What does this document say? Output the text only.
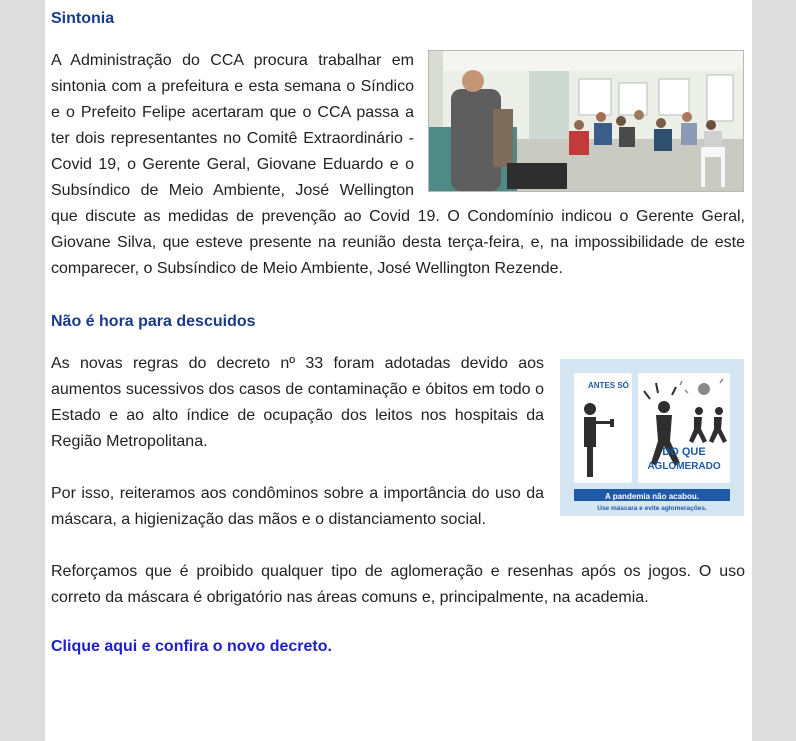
Sintonia

A Administração do CCA procura trabalhar em sintonia com a prefeitura e esta semana o Síndico e o Prefeito Felipe acertaram que o CCA passa a ter dois representantes no Comitê Extraordinário - Covid 19, o Gerente Geral, Giovane Eduardo e o Subsíndico de Meio Ambiente, José Wellington que discute as medidas de prevenção ao Covid 19. O Condomínio indicou o Gerente Geral, Giovane Silva, que esteve presente na reunião desta terça-feira, e, na impossibilidade de este comparecer, o Subsíndico de Meio Ambiente, José Wellington Rezende.

Não é hora para descuidos
ANTES SÓ
DO QUE
AGLOMERADO
A pandemia não acabou.
Use máscara e evite aglomerações.

As novas regras do decreto nº 33 foram adotadas devido aos aumentos sucessivos dos casos de contaminação e óbitos em todo o Estado e ao alto índice de ocupação dos leitos nos hospitais da Região Metropolitana.

Por isso, reiteramos aos condôminos sobre a importância do uso da máscara, a higienização das mãos e o distanciamento social.

Reforçamos que é proibido qualquer tipo de aglomeração e resenhas após os jogos. O uso correto da máscara é obrigatório nas áreas comuns e, principalmente, na academia.

Clique aqui e confira o novo decreto.
